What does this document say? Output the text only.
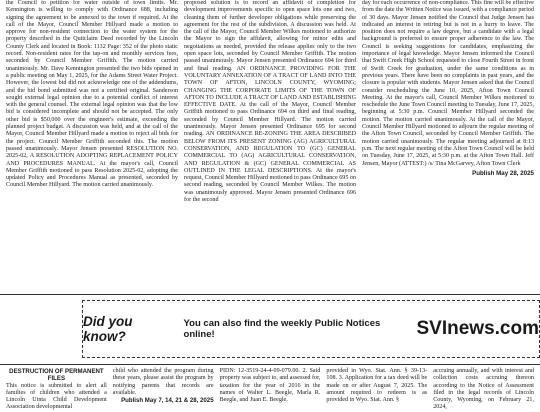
the Council to petition for water outside of town limits. Mr. Kennington is willing to comply with Ordinance 688, including signing the agreement to be annexed to the town if required. At the call of the Mayor, Council Member Hillyard made a motion to approve for non-resident connection to the water system for the property described in the Quitclaim Deed recorded by the Lincoln County Clerk and located in Book: 1132 Page: 352 of the photo static record. Non-resident rates for the tap-on and monthly services fees, seconded by Council Member Griffith. The motion carried unanimously. Mr. Dave Kennington presented the two bids opened in a public meeting on May 1, 2025, for the Adams Street Water Project. However, the lowest bid did not acknowledge one of the addendums, and the bid bond submitted was not a certified original. Sanderson sought external legal opinion due to a potential conflict of interest with the general counsel. The external legal opinion was that the low bid is considered incomplete and should not be accepted. The only other bid is $50,000 over the engineer's estimate, exceeding the planned project budget. A discussion was held, and at the call of the Mayor, Council Member Hillyard made a motion to reject all bids for the project. Council Member Griffith seconded this. The motion passed unanimously. Mayor Jensen presented RESOLUTION NO. 2025-02, A RESOLUTION ADOPTING REPLACEMENT POLICY AND PROCEDURES MANUAL. At the mayor's call, Council Member Griffith motioned to pass Resolution 2025-02, adopting the updated Policy and Procedures Manual as presented, seconded by Council Member Hillyard. The motion carried unanimously.

proposed solution is to record an affidavit of completion for development improvements specific to open space lots one and two, cleaning them of further developer obligations while preserving the agreement for the rest of the subdivision. A discussion was held. At the call of the Mayor, Council Member Wilkes motioned to authorize the Mayor to sign the affidavit, allowing for minor edits and negotiations as needed, provided the release applies only to the two open space lots, seconded by Council Member Griffith. The motion passed unanimously. Mayor Jensen presented Ordinance 694 for third and final reading. AN ORDINANCE PROVIDING FOR THE VOLUNTARY ANNEXATION OF A TRACT OF LAND INTO THE TOWN OF AFTON, LINCOLN COUNTY, WYOMING; CHANGING THE CORPORATE LIMITS OF THE TOWN OF AFTON TO INCLUDE A TRACT OF LAND AND ESTABLISHING EFFECTIVE DATE. At the call of the Mayor, Council Member Griffith motioned to pass Ordinance 694 on third and final reading, seconded by Council Member Hillyard. The motion carried unanimously. Mayor Jensen presented Ordinance 695 for second reading. AN ORDINANCE RE-ZONING THE AREA DESCRIBED BELOW FROM ITS PRESENT ZONING (AG) AGRICULTURAL CONSERVATION, AND REGULATION TO (GC) GENERAL COMMERCIAL TO (AG) AGRICULTURAL CONSERVATION, AND REGULATION & (GC) GENERAL COMMERCIAL AS OUTLINED IN THE LEGAL DESCRIPTIONS. At the mayor's request, Council Member Hillyard motioned to pass Ordinance 695 on second reading, seconded by Council Member Wilkes. The motion was unanimously approved. Mayor Jensen presented Ordinance 696 for the second

day for each occurrence of non-compliance. This fine will be effective from the date the Written Notice was issued, with a compliance period of 30 days. Mayor Jensen notified the Council that Judge Jensen has indicated an interest in retiring but is not in a hurry to leave. The position does not require a law degree, but a candidate with a legal background is preferred to ensure proper adherence to the law. The Council is seeking suggestions for candidates, emphasizing the importance of legal knowledge. Mayor Jensen informed the Council that Swift Creek High School requested to close Fourth Street in front of Swift Creek for graduation, under the same conditions as in previous years. There have been no complaints in past years, and the closure is popular with students. Mayor Jensen asked that the Council consider rescheduling the June 10, 2025, Afton Town Council Meeting. At the mayor's call, Council Member Wilkes motioned to reschedule the June Town Council meeting to Tuesday, June 17, 2025, beginning at 5:30 p.m. Council Member Hillyard seconded the motion. The motion carried unanimously. At the call of the Mayor, Council Member Hillyard motioned to adjourn the regular meeting of the Afton Town Council, seconded by Council Member Griffith. The motion carried unanimously. The regular meeting adjourned at 8:13 p.m. The next regular meeting of the Afton Town Council will be held on Tuesday, June 17, 2025, at 5:30 p.m. at the Afton Town Hall. Jeff Jensen, Mayor (ATTEST:) /s/ Tina McGarvey, Afton Town Clerk

Publish May 28, 2025
Did you know?
You can also find the weekly Public Notices online!	SVInews.com
DESTRUCTION OF PERMANENT FILES

This notice is submitted to alert all families of children who attended a Lincoln Uinta Child Development Association developmental

child who attended the program during these years, please assist the program by notifying parents that records are available.

Publish May 7, 14, 21 & 28, 2025

PIDN: 12-3519-24-4-09-079.00. 2. Said property was subject to, and assessed for, taxation for the year of 2016 in the names of Walter L. Beegle, Marla R. Beegle, and Juan E. Beegle.

provided in Wyo. Stat. Ann. § 39-13-108. 3. Application for a tax deed will be made on or after August 7, 2025. The amount required to redeem is as provided in Wyo. Stat. Ann. §

accruing annually, and with interest and collection costs accruing thereon according to the Notice of Assessment filed in the legal records of Lincoln County, Wyoming, on February 21, 2024,
